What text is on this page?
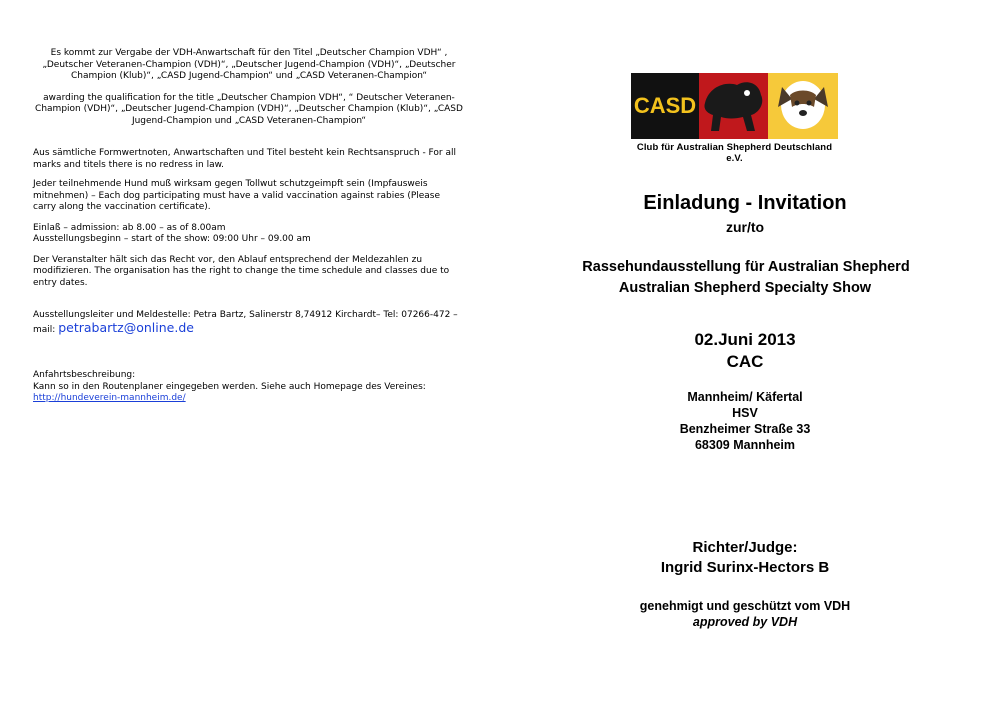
Es kommt zur Vergabe der VDH-Anwartschaft für den Titel „Deutscher Champion VDH“ , „Deutscher Veteranen-Champion (VDH)“, „Deutscher Jugend-Champion (VDH)“, „Deutscher Champion (Klub)“, „CASD Jugend-Champion“ und „CASD Veteranen-Champion“

awarding the qualification for the title „Deutscher Champion VDH“, “ Deutscher Veteranen-Champion (VDH)“, „Deutscher Jugend-Champion (VDH)“, „Deutscher Champion (Klub)“, „CASD Jugend-Champion und „CASD Veteranen-Champion“

Aus sämtliche Formwertnoten, Anwartschaften und Titel besteht kein Rechtsanspruch - For all marks and titels there is no redress in law.

Jeder teilnehmende Hund muß wirksam gegen Tollwut schutzgeimpft sein (Impfausweis mitnehmen) – Each dog participating must have a valid vaccination against rabies (Please carry along the vaccination certificate).

Einlaß – admission: ab 8.00 – as of 8.00am

Ausstellungsbeginn – start of the show: 09:00 Uhr – 09.00 am

Der Veranstalter hält sich das Recht vor, den Ablauf entsprechend der Meldezahlen zu modifizieren. The organisation has the right to change the time schedule and classes due to entry dates.

Ausstellungsleiter und Meldestelle: Petra Bartz, Salinerstr 8,74912 Kirchardt– Tel: 07266-472 –

mail: petrabartz@online.de

Anfahrtsbeschreibung:

Kann so in den Routenplaner eingegeben werden. Siehe auch Homepage des Vereines:

http://hundeverein-mannheim.de/

CASD
Club für Australian Shepherd Deutschland e.V.
Einladung - Invitation
zur/to
Rassehundausstellung für Australian Shepherd
Australian Shepherd Specialty Show
02.Juni 2013
CAC
Mannheim/ Käfertal
HSV
Benzheimer Straße 33
68309 Mannheim
Richter/Judge:
Ingrid Surinx-Hectors B
genehmigt und geschützt vom VDH
approved by VDH
